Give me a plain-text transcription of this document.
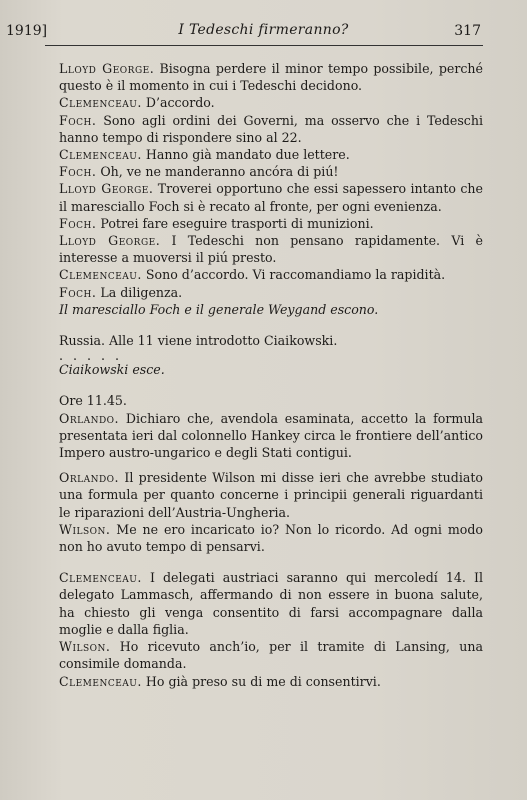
1919]	I Tedeschi firmeranno?	317

Lloyd George. Bisogna perdere il minor tempo possibile, perché questo è il momento in cui i Tedeschi decidono.

Clemenceau. D’accordo.

Foch. Sono agli ordini dei Governi, ma osservo che i Tedeschi hanno tempo di rispondere sino al 22.

Clemenceau. Hanno già mandato due lettere.

Foch. Oh, ve ne manderanno ancóra di piú!

Lloyd George. Troverei opportuno che essi sapessero intanto che il maresciallo Foch si è recato al fronte, per ogni evenienza.

Foch. Potrei fare eseguire trasporti di munizioni.

Lloyd George. I Tedeschi non pensano rapidamente. Vi è interesse a muoversi il piú presto.

Clemenceau. Sono d’accordo. Vi raccomandiamo la rapidità.

Foch. La diligenza.

Il maresciallo Foch e il generale Weygand escono.

Russia. Alle 11 viene introdotto Ciaikowski.

. . . . .

Ciaikowski esce.

Ore 11.45.

Orlando. Dichiaro che, avendola esaminata, accetto la formula presentata ieri dal colonnello Hankey circa le frontiere dell’antico Impero austro-ungarico e degli Stati contigui.

Orlando. Il presidente Wilson mi disse ieri che avrebbe studiato una formula per quanto concerne i principii generali riguardanti le riparazioni dell’Austria-Ungheria.

Wilson. Me ne ero incaricato io? Non lo ricordo. Ad ogni modo non ho avuto tempo di pensarvi.

Clemenceau. I delegati austriaci saranno qui mercoledí 14. Il delegato Lammasch, affermando di non essere in buona salute, ha chiesto gli venga consentito di farsi accompagnare dalla moglie e dalla figlia.

Wilson. Ho ricevuto anch’io, per il tramite di Lansing, una consimile domanda.

Clemenceau. Ho già preso su di me di consentirvi.
